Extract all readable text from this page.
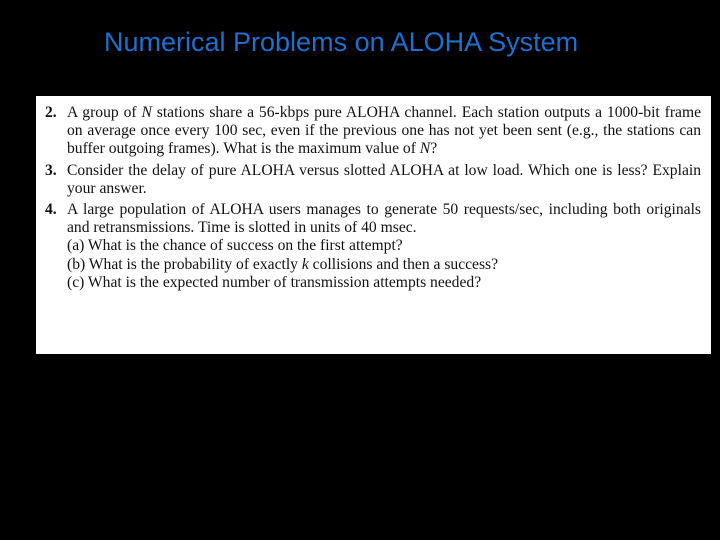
Numerical Problems on ALOHA System
2. A group of N stations share a 56-kbps pure ALOHA channel. Each station outputs a 1000-bit frame on average once every 100 sec, even if the previous one has not yet been sent (e.g., the stations can buffer outgoing frames). What is the maximum value of N?
3. Consider the delay of pure ALOHA versus slotted ALOHA at low load. Which one is less? Explain your answer.
4. A large population of ALOHA users manages to generate 50 requests/sec, including both originals and retransmissions. Time is slotted in units of 40 msec.
(a) What is the chance of success on the first attempt?
(b) What is the probability of exactly k collisions and then a success?
(c) What is the expected number of transmission attempts needed?
